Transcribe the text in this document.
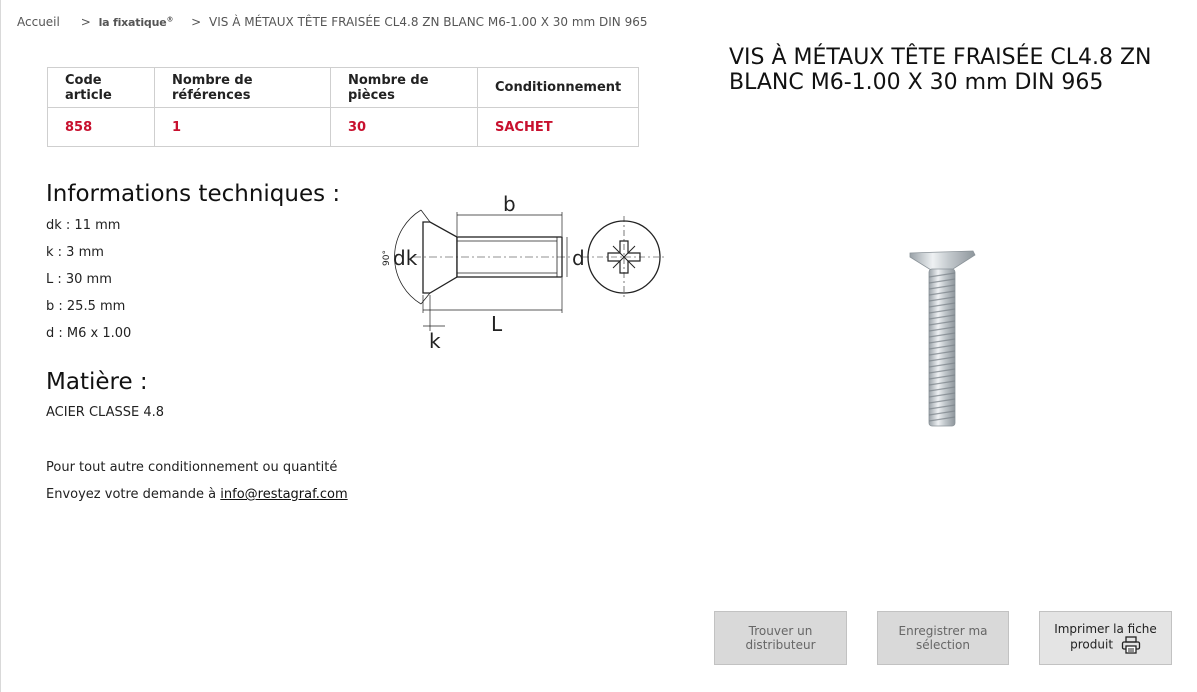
Accueil > la fixatique® > VIS À MÉTAUX TÊTE FRAISÉE CL4.8 ZN BLANC M6-1.00 X 30 mm DIN 965
Code article	Nombre de références	Nombre de pièces	Conditionnement
858	1	30	SACHET
Informations techniques :
dk : 11 mm
k : 3 mm
L : 30 mm
b : 25.5 mm
d : M6 x 1.00
Matière :
ACIER CLASSE 4.8
Pour tout autre conditionnement ou quantité
Envoyez votre demande à info@restagraf.com
b
dk	d
k
L
90°
VIS À MÉTAUX TÊTE FRAISÉE CL4.8 ZN BLANC M6-1.00 X 30 mm DIN 965
Trouver un
distributeur
Enregistrer ma
sélection
Imprimer la fiche
produit
